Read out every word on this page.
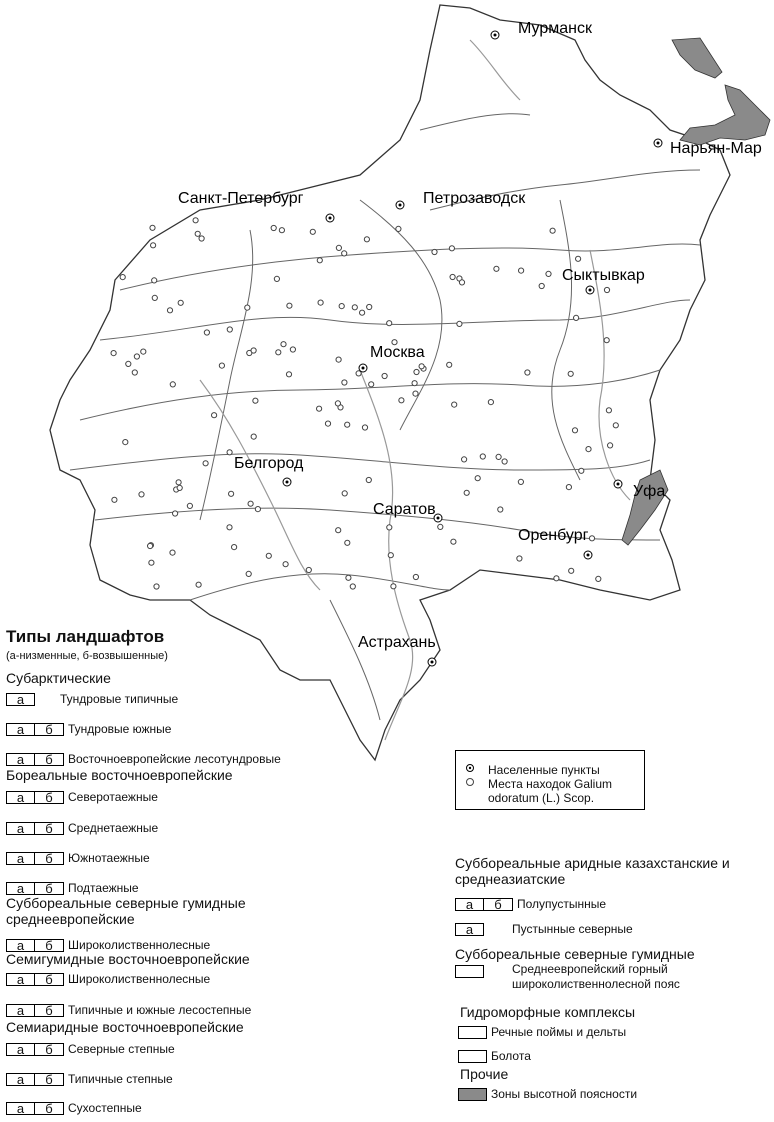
Мурманск
Нарьян-Мар
Санкт-Петербург	Петрозаводск
Сыктывкар
Москва
Белгород
Уфа
Саратов
Оренбург
Астрахань
Типы ландшафтов
(а-низменные, б-возвышенные)
Субарктические
а	Тундровые типичные
а	б	Тундровые южные
а	б	Восточноевропейские лесотундровые
Бореальные восточноевропейские
а	б	Северотаежные
а	б	Среднетаежные
а	б	Южнотаежные
а	б	Подтаежные
Суббореальные северные гумидные среднеевропейские
а	б	Широколиственнолесные
Семигумидные восточноевропейские
а	б	Широколиственнолесные
а	б	Типичные и южные лесостепные
Семиаридные восточноевропейские
а	б	Северные степные
а	б	Типичные степные
а	б	Сухостепные
Населенные пункты
Места находок Galium odoratum (L.) Scop.
Суббореальные аридные казахстанские и среднеазиатские
а	б	Полупустынные
а	Пустынные северные
Суббореальные северные гумидные
Среднеевропейский горный широколиственнолесной пояс
Гидроморфные комплексы
Речные поймы и дельты
Болота
Прочие
Зоны высотной поясности
